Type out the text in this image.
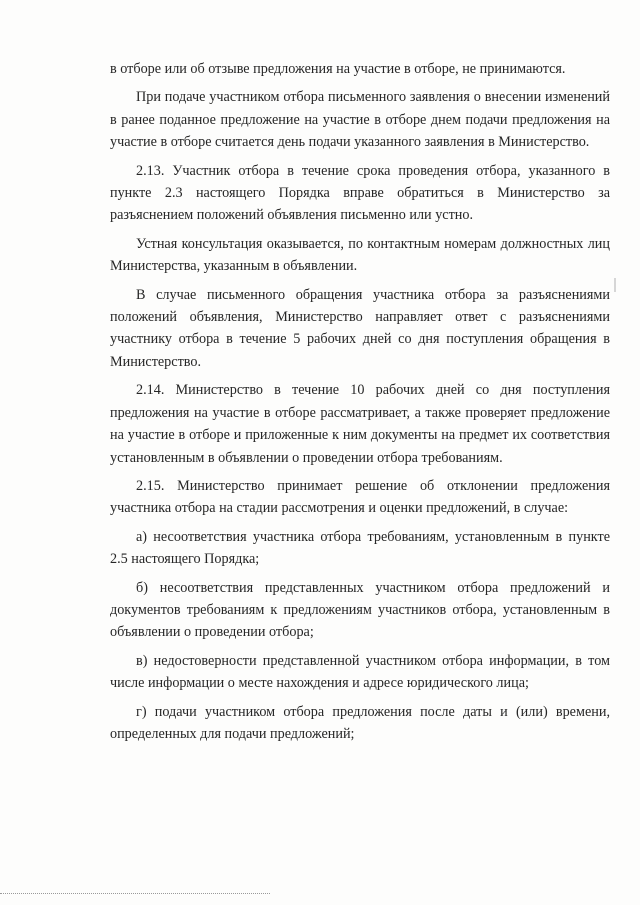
в отборе или об отзыве предложения на участие в отборе, не принимаются.

При подаче участником отбора письменного заявления о внесении изменений в ранее поданное предложение на участие в отборе днем подачи предложения на участие в отборе считается день подачи указанного заявления в Министерство.

2.13. Участник отбора в течение срока проведения отбора, указанного в пункте 2.3 настоящего Порядка вправе обратиться в Министерство за разъяснением положений объявления письменно или устно.

Устная консультация оказывается, по контактным номерам должностных лиц Министерства, указанным в объявлении.

В случае письменного обращения участника отбора за разъяснениями положений объявления, Министерство направляет ответ с разъяснениями участнику отбора в течение 5 рабочих дней со дня поступления обращения в Министерство.

2.14. Министерство в течение 10 рабочих дней со дня поступления предложения на участие в отборе рассматривает, а также проверяет предложение на участие в отборе и приложенные к ним документы на предмет их соответствия установленным в объявлении о проведении отбора требованиям.

2.15. Министерство принимает решение об отклонении предложения участника отбора на стадии рассмотрения и оценки предложений, в случае:

а) несоответствия участника отбора требованиям, установленным в пункте 2.5 настоящего Порядка;

б) несоответствия представленных участником отбора предложений и документов требованиям к предложениям участников отбора, установленным в объявлении о проведении отбора;

в) недостоверности представленной участником отбора информации, в том числе информации о месте нахождения и адресе юридического лица;

г) подачи участником отбора предложения после даты и (или) времени, определенных для подачи предложений;
